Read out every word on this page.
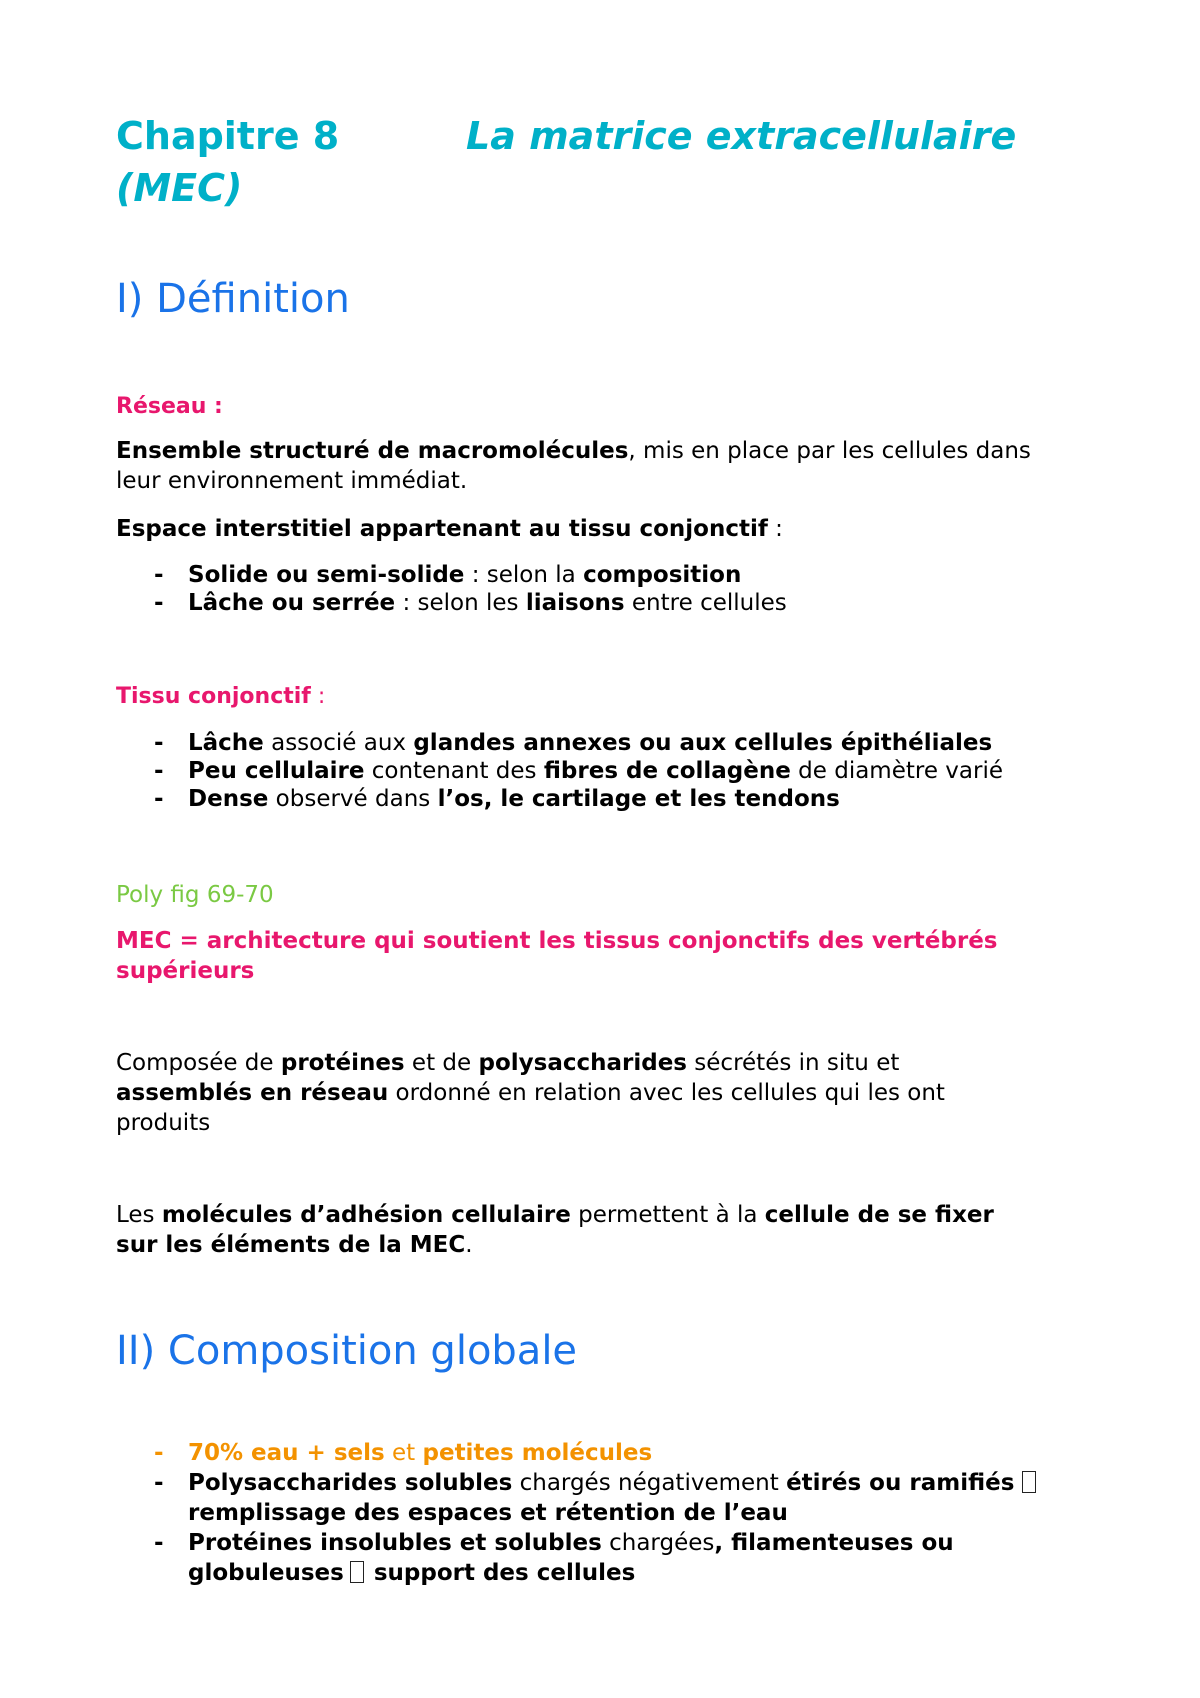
Chapitre 8	La matrice extracellulaire
(MEC)
I) Définition
Réseau :
Ensemble structuré de macromolécules, mis en place par les cellules dans
leur environnement immédiat.
Espace interstitiel appartenant au tissu conjonctif :
- Solide ou semi-solide : selon la composition
- Lâche ou serrée : selon les liaisons entre cellules
Tissu conjonctif :
- Lâche associé aux glandes annexes ou aux cellules épithéliales
- Peu cellulaire contenant des fibres de collagène de diamètre varié
- Dense observé dans l’os, le cartilage et les tendons
Poly fig 69-70
MEC = architecture qui soutient les tissus conjonctifs des vertébrés
supérieurs
Composée de protéines et de polysaccharides sécrétés in situ et
assemblés en réseau ordonné en relation avec les cellules qui les ont
produits
Les molécules d’adhésion cellulaire permettent à la cellule de se fixer
sur les éléments de la MEC.
II) Composition globale
- 70% eau + sels et petites molécules
- Polysaccharides solubles chargés négativement étirés ou ramifiés
remplissage des espaces et rétention de l’eau
- Protéines insolubles et solubles chargées, filamenteuses ou
globuleuses support des cellules
